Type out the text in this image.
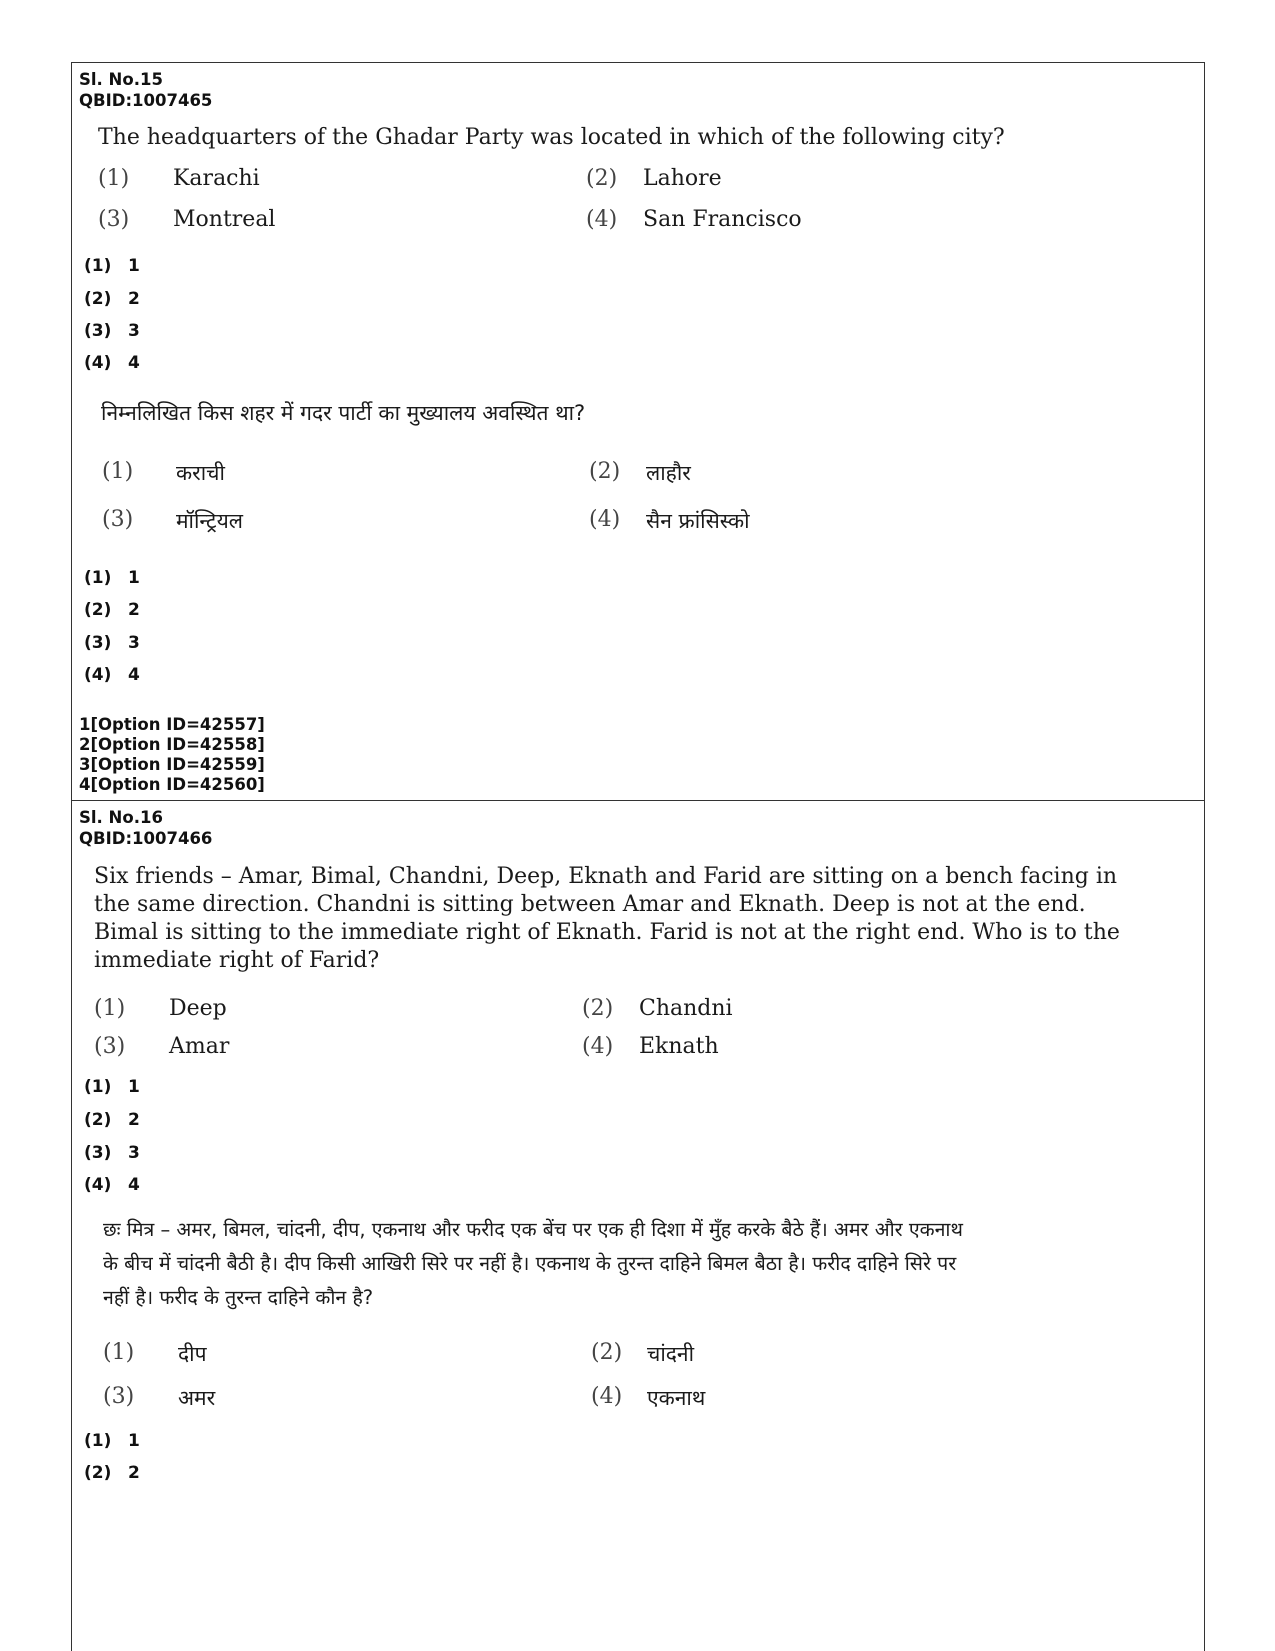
Sl. No.15
QBID:1007465
The headquarters of the Ghadar Party was located in which of the following city?
(1) Karachi	(2) Lahore
(3) Montreal	(4) San Francisco
(1) 1
(2) 2
(3) 3
(4) 4
निम्नलिखित किस शहर में गदर पार्टी का मुख्यालय अवस्थित था?
(1) कराची	(2) लाहौर
(3) मॉन्ट्रियल	(4) सैन फ्रांसिस्को
(1) 1
(2) 2
(3) 3
(4) 4
1[Option ID=42557]
2[Option ID=42558]
3[Option ID=42559]
4[Option ID=42560]
Sl. No.16
QBID:1007466
Six friends – Amar, Bimal, Chandni, Deep, Eknath and Farid are sitting on a bench facing in
the same direction. Chandni is sitting between Amar and Eknath. Deep is not at the end.
Bimal is sitting to the immediate right of Eknath. Farid is not at the right end. Who is to the
immediate right of Farid?
(1) Deep	(2) Chandni
(3) Amar	(4) Eknath
(1) 1
(2) 2
(3) 3
(4) 4
छः मित्र – अमर, बिमल, चांदनी, दीप, एकनाथ और फरीद एक बेंच पर एक ही दिशा में मुँह करके बैठे हैं। अमर और एकनाथ
के बीच में चांदनी बैठी है। दीप किसी आखिरी सिरे पर नहीं है। एकनाथ के तुरन्त दाहिने बिमल बैठा है। फरीद दाहिने सिरे पर
नहीं है। फरीद के तुरन्त दाहिने कौन है?
(1) दीप	(2) चांदनी
(3) अमर	(4) एकनाथ
(1) 1
(2) 2
